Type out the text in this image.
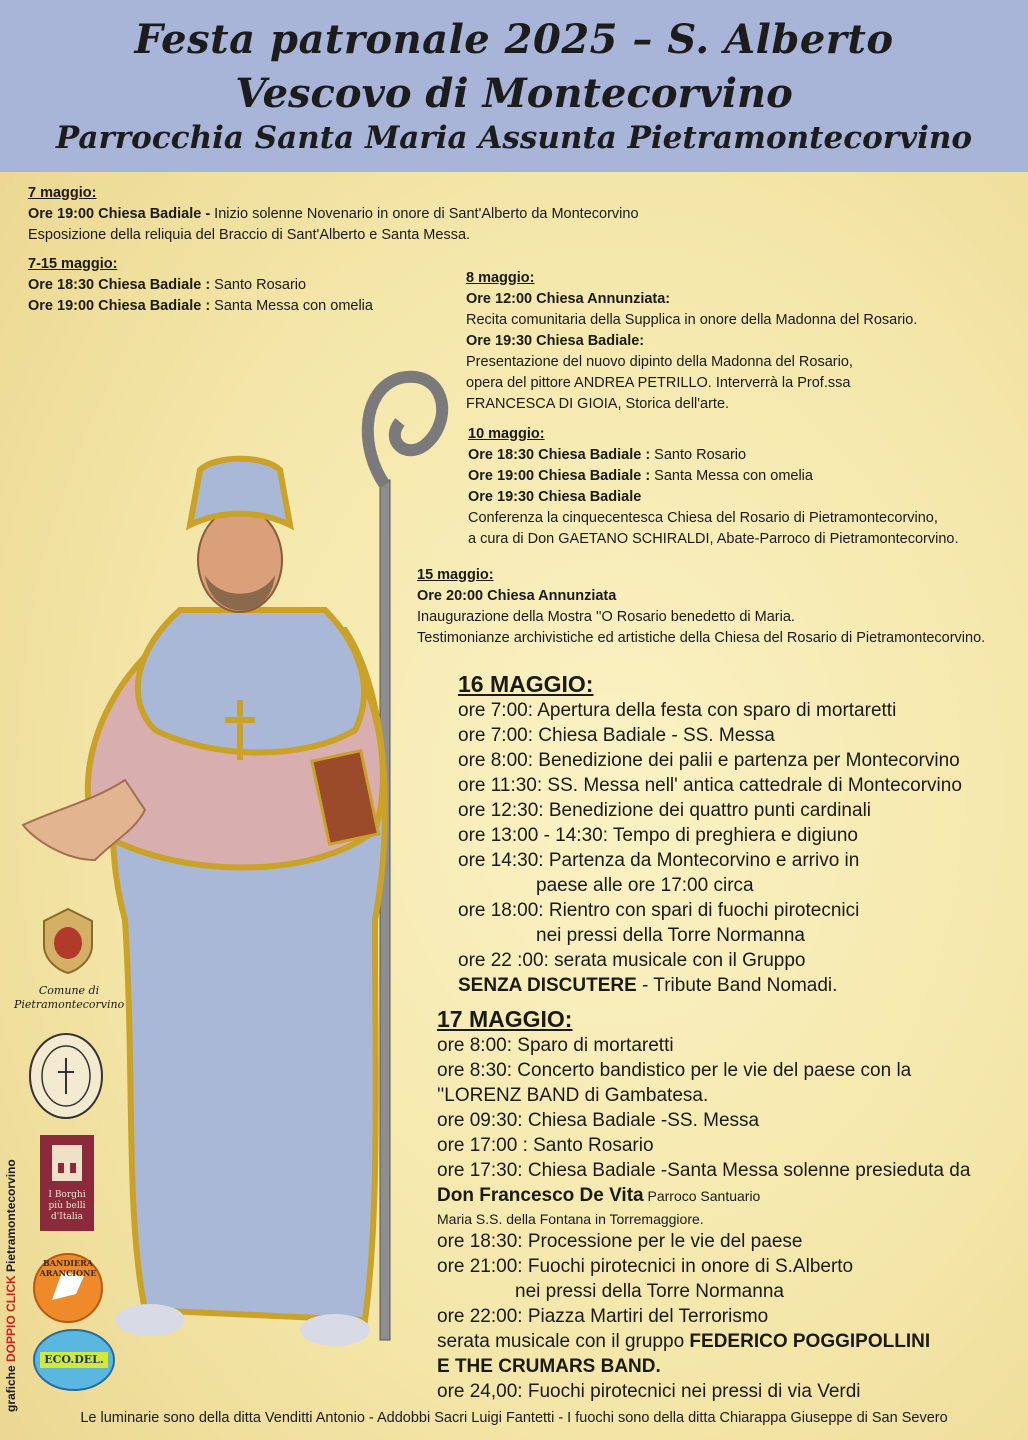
Festa patronale 2025 – S. Alberto
Vescovo di Montecorvino
Parrocchia Santa Maria Assunta Pietramontecorvino
7 maggio:
Ore 19:00 Chiesa Badiale - Inizio solenne Novenario in onore di Sant'Alberto da Montecorvino
Esposizione della reliquia del Braccio di Sant'Alberto e Santa Messa.
7-15 maggio:
Ore 18:30 Chiesa Badiale : Santo Rosario
Ore 19:00 Chiesa Badiale : Santa Messa con omelia
8 maggio:
Ore 12:00 Chiesa Annunziata:
Recita comunitaria della Supplica in onore della Madonna del Rosario.
Ore 19:30 Chiesa Badiale:
Presentazione del nuovo dipinto della Madonna del Rosario,
opera del pittore ANDREA PETRILLO. Interverrà la Prof.ssa
FRANCESCA DI GIOIA, Storica dell'arte.
10 maggio:
Ore 18:30 Chiesa Badiale : Santo Rosario
Ore 19:00 Chiesa Badiale : Santa Messa con omelia
Ore 19:30 Chiesa Badiale
Conferenza la cinquecentesca Chiesa del Rosario di Pietramontecorvino,
a cura di Don GAETANO SCHIRALDI, Abate-Parroco di Pietramontecorvino.
15 maggio:
Ore 20:00 Chiesa Annunziata
Inaugurazione della Mostra ''O Rosario benedetto di Maria.
Testimonianze archivistiche ed artistiche della Chiesa del Rosario di Pietramontecorvino.
16 MAGGIO:
ore 7:00: Apertura della festa con sparo di mortaretti
ore 7:00: Chiesa Badiale - SS. Messa
ore 8:00: Benedizione dei palii e partenza per Montecorvino
ore 11:30: SS. Messa nell' antica cattedrale di Montecorvino
ore 12:30: Benedizione dei quattro punti cardinali
ore 13:00 - 14:30: Tempo di preghiera e digiuno
ore 14:30: Partenza da Montecorvino e arrivo in
paese alle ore 17:00 circa
ore 18:00: Rientro con spari di fuochi pirotecnici
nei pressi della Torre Normanna
ore 22 :00: serata musicale con il Gruppo
SENZA DISCUTERE - Tribute Band Nomadi.
17 MAGGIO:
ore 8:00: Sparo di mortaretti
ore 8:30: Concerto bandistico per le vie del paese con la
''LORENZ BAND di Gambatesa.
ore 09:30: Chiesa Badiale -SS. Messa
ore 17:00 : Santo Rosario
ore 17:30: Chiesa Badiale -Santa Messa solenne presieduta da
Don Francesco De Vita Parroco Santuario
Maria S.S. della Fontana in Torremaggiore.
ore 18:30: Processione per le vie del paese
ore 21:00: Fuochi pirotecnici in onore di S.Alberto
nei pressi della Torre Normanna
ore 22:00: Piazza Martiri del Terrorismo
serata musicale con il gruppo FEDERICO POGGIPOLLINI
E THE CRUMARS BAND.
ore 24,00: Fuochi pirotecnici nei pressi di via Verdi
Comune di Pietramontecorvino
I Borghi più belli d'Italia
BANDIERA ARANCIONE
ECO.DEL.
grafiche DOPPIO CLICK Pietramontecorvino
Le luminarie sono della ditta Venditti Antonio - Addobbi Sacri Luigi Fantetti - I fuochi sono della ditta Chiarappa Giuseppe di San Severo
